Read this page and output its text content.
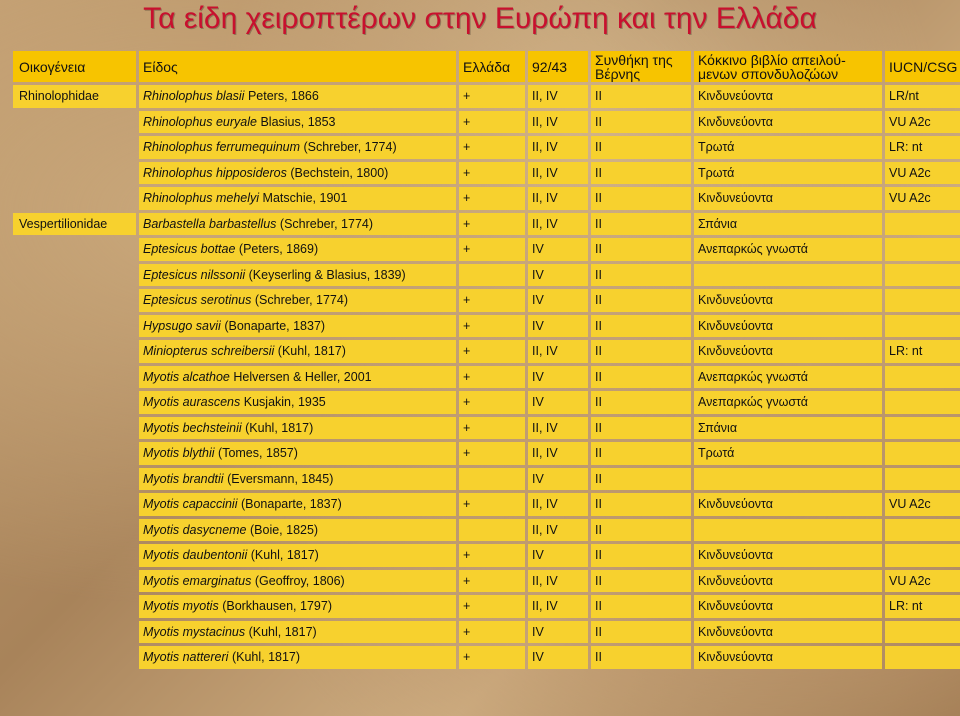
Τα είδη χειροπτέρων στην Ευρώπη και την Ελλάδα
Οικογένεια	Είδος	Ελλάδα	92/43	Συνθήκη της Βέρνης	Κόκκινο βιβλίο απειλού-μενων σπονδυλοζώων	IUCN/CSG
Rhinolophidae	Rhinolophus blasii Peters, 1866	+	II, IV	II	Κινδυνεύοντα	LR/nt
	Rhinolophus euryale Blasius, 1853	+	II, IV	II	Κινδυνεύοντα	VU A2c
	Rhinolophus ferrumequinum (Schreber, 1774)	+	II, IV	II	Τρωτά	LR: nt
	Rhinolophus hipposideros (Bechstein, 1800)	+	II, IV	II	Τρωτά	VU A2c
	Rhinolophus mehelyi Matschie, 1901	+	II, IV	II	Κινδυνεύοντα	VU A2c
Vespertilionidae	Barbastella barbastellus (Schreber, 1774)	+	II, IV	II	Σπάνια	
	Eptesicus bottae (Peters, 1869)	+	IV	II	Ανεπαρκώς γνωστά	
	Eptesicus nilssonii (Keyserling & Blasius, 1839)		IV	II		
	Eptesicus serotinus (Schreber, 1774)	+	IV	II	Κινδυνεύοντα	
	Hypsugo savii (Bonaparte, 1837)	+	IV	II	Κινδυνεύοντα	
	Miniopterus schreibersii (Kuhl, 1817)	+	II, IV	II	Κινδυνεύοντα	LR: nt
	Myotis alcathoe Helversen & Heller, 2001	+	IV	II	Ανεπαρκώς γνωστά	
	Myotis aurascens Kusjakin, 1935	+	IV	II	Ανεπαρκώς γνωστά	
	Myotis bechsteinii (Kuhl, 1817)	+	II, IV	II	Σπάνια	
	Myotis blythii (Tomes, 1857)	+	II, IV	II	Τρωτά	
	Myotis brandtii (Eversmann, 1845)		IV	II		
	Myotis capaccinii (Bonaparte, 1837)	+	II, IV	II	Κινδυνεύοντα	VU A2c
	Myotis dasycneme (Boie, 1825)		II, IV	II		
	Myotis daubentonii (Kuhl, 1817)	+	IV	II	Κινδυνεύοντα	
	Myotis emarginatus (Geoffroy, 1806)	+	II, IV	II	Κινδυνεύοντα	VU A2c
	Myotis myotis (Borkhausen, 1797)	+	II, IV	II	Κινδυνεύοντα	LR: nt
	Myotis mystacinus (Kuhl, 1817)	+	IV	II	Κινδυνεύοντα	
	Myotis nattereri (Kuhl, 1817)	+	IV	II	Κινδυνεύοντα	
